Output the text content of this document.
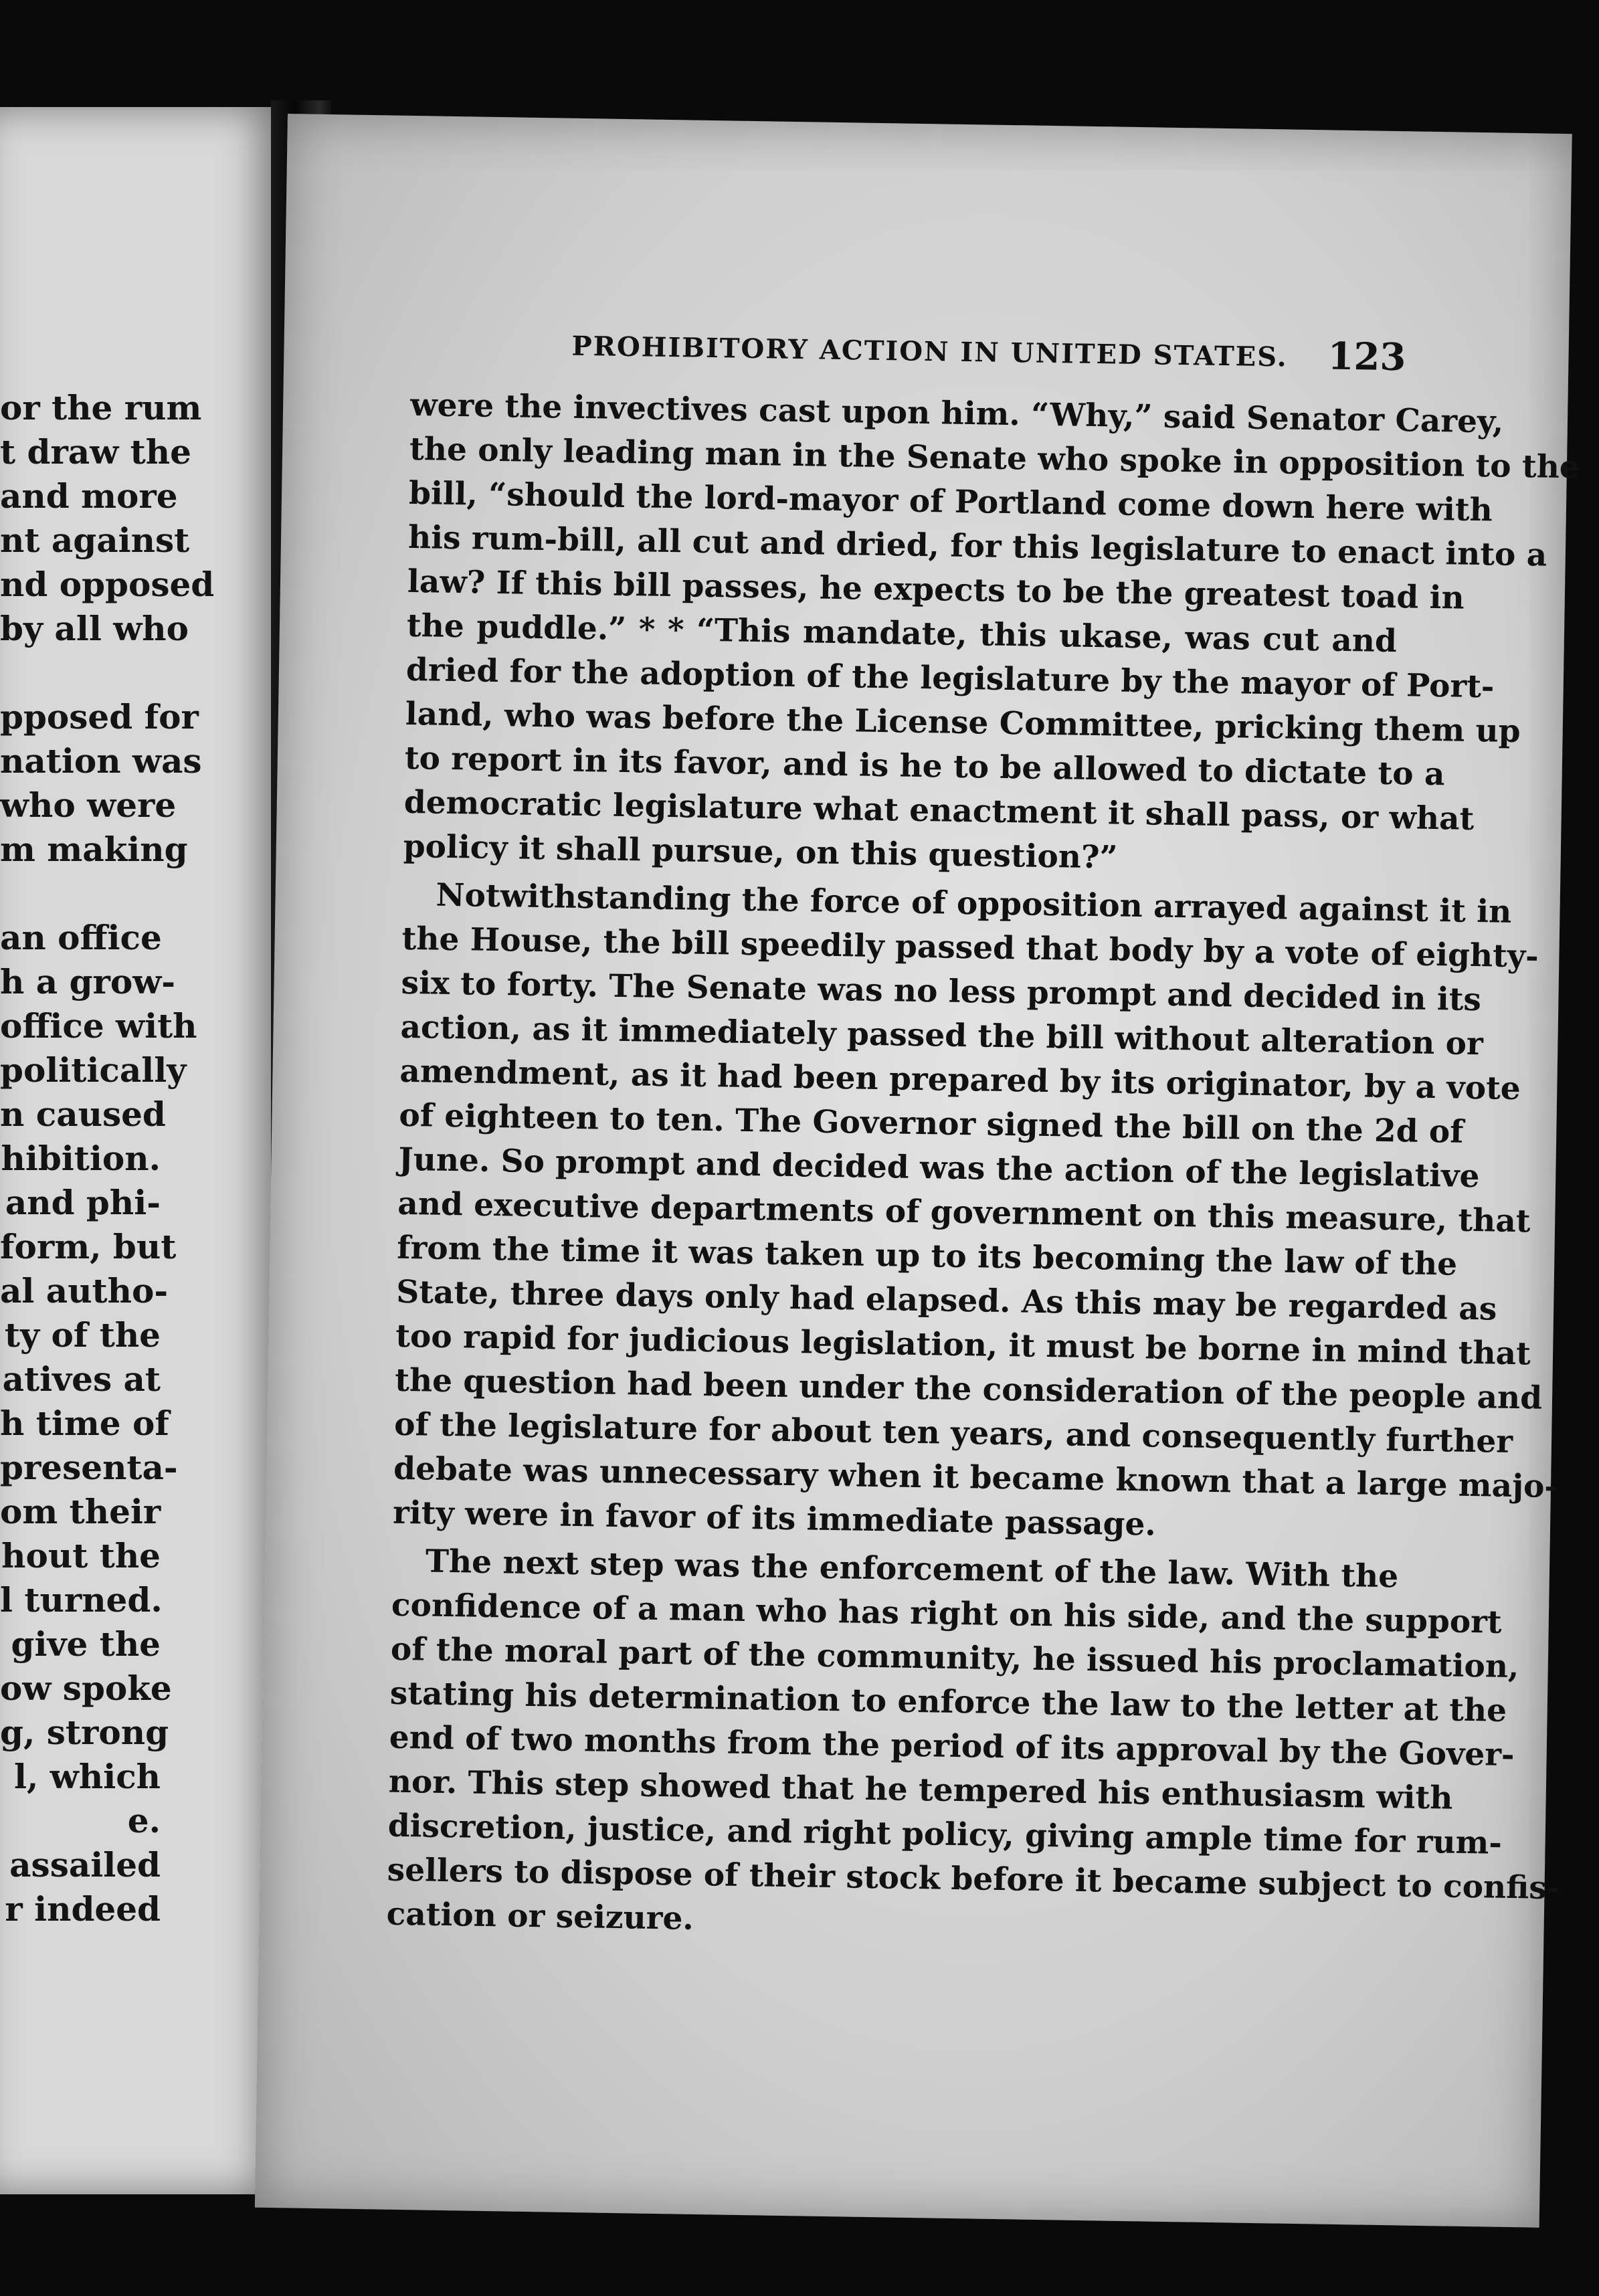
or the rum
t draw the
and more
nt against
nd opposed
by all who
pposed for
nation was
who were
m making
an office
h a grow-
office with
politically
n caused
hibition.
and phi-
form, but
al autho-
ty of the
atives at
h time of
presenta-
om their
hout the
l turned.
give the
ow spoke
g, strong
l, which
e.
assailed
r indeed
PROHIBITORY ACTION IN UNITED STATES. 123
were the invectives cast upon him. “Why,” said Senator Carey,
the only leading man in the Senate who spoke in opposition to the
bill, “should the lord-mayor of Portland come down here with
his rum-bill, all cut and dried, for this legislature to enact into a
law? If this bill passes, he expects to be the greatest toad in
the puddle.” * * “This mandate, this ukase, was cut and
dried for the adoption of the legislature by the mayor of Port-
land, who was before the License Committee, pricking them up
to report in its favor, and is he to be allowed to dictate to a
democratic legislature what enactment it shall pass, or what
policy it shall pursue, on this question?”
Notwithstanding the force of opposition arrayed against it in
the House, the bill speedily passed that body by a vote of eighty-
six to forty. The Senate was no less prompt and decided in its
action, as it immediately passed the bill without alteration or
amendment, as it had been prepared by its originator, by a vote
of eighteen to ten. The Governor signed the bill on the 2d of
June. So prompt and decided was the action of the legislative
and executive departments of government on this measure, that
from the time it was taken up to its becoming the law of the
State, three days only had elapsed. As this may be regarded as
too rapid for judicious legislation, it must be borne in mind that
the question had been under the consideration of the people and
of the legislature for about ten years, and consequently further
debate was unnecessary when it became known that a large majo-
rity were in favor of its immediate passage.
The next step was the enforcement of the law. With the
confidence of a man who has right on his side, and the support
of the moral part of the community, he issued his proclamation,
stating his determination to enforce the law to the letter at the
end of two months from the period of its approval by the Gover-
nor. This step showed that he tempered his enthusiasm with
discretion, justice, and right policy, giving ample time for rum-
sellers to dispose of their stock before it became subject to confis-
cation or seizure.
